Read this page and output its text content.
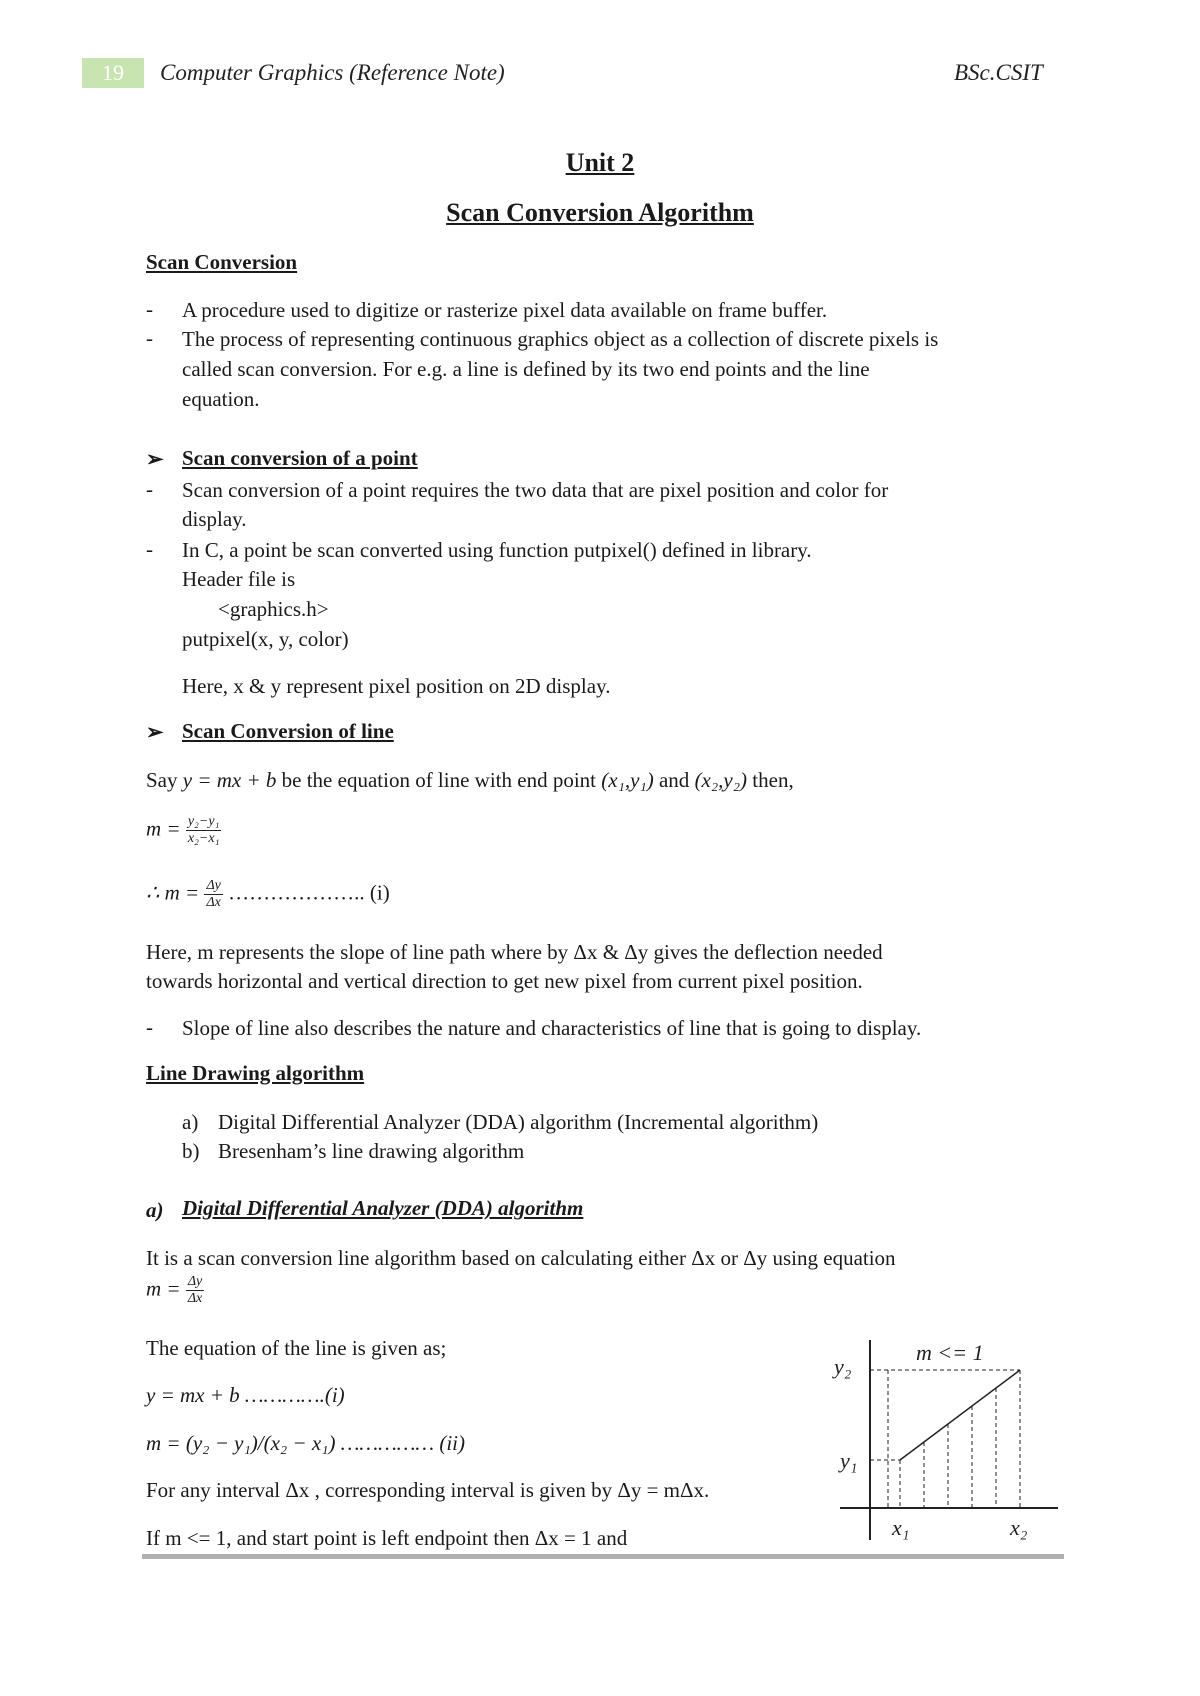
19	Computer Graphics (Reference Note)	BSc.CSIT
Unit 2
Scan Conversion Algorithm
Scan Conversion
- A procedure used to digitize or rasterize pixel data available on frame buffer.
- The process of representing continuous graphics object as a collection of discrete pixels is
called scan conversion. For e.g. a line is defined by its two end points and the line
equation.
➢ Scan conversion of a point
- Scan conversion of a point requires the two data that are pixel position and color for
display.
- In C, a point be scan converted using function putpixel() defined in library.
Header file is
<graphics.h>
putpixel(x, y, color)
Here, x & y represent pixel position on 2D display.
➢ Scan Conversion of line
Say y = mx + b be the equation of line with end point (x₁,y₁) and (x₂,y₂) then,
$m = \frac{\text{y₂−y₁}}{\text{x₂−x₁}}$
∴ $m = \frac{\Delta y}{\Delta x}$ ……………….. (i)
Here, m represents the slope of line path where by Δx & Δy gives the deflection needed
towards horizontal and vertical direction to get new pixel from current pixel position.
- Slope of line also describes the nature and characteristics of line that is going to display.
Line Drawing algorithm
a) Digital Differential Analyzer (DDA) algorithm (Incremental algorithm)
b) Bresenham’s line drawing algorithm
a) Digital Differential Analyzer (DDA) algorithm
It is a scan conversion line algorithm based on calculating either Δx or Δy using equation
$m = \frac{\Delta y}{\Delta x}$
The equation of the line is given as;
y = mx + b ………….(i)
m = (y₂ − y₁)/(x₂ − x₁) …………… (ii)
For any interval Δx , corresponding interval is given by Δy = mΔx.
If m <= 1, and start point is left endpoint then Δx = 1 and
m <= 1
y₂
y₁
x₁	x₂
